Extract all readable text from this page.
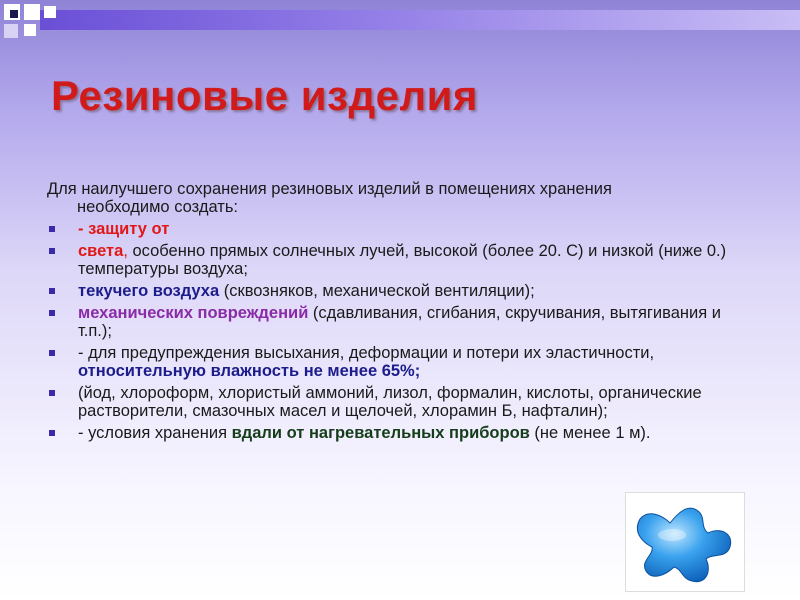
Резиновые изделия
Для наилучшего сохранения резиновых изделий в помещениях хранения
необходимо создать:
- защиту от
света, особенно прямых солнечных лучей, высокой (более 20. С) и низкой (ниже 0.) температуры воздуха;
текучего воздуха (сквозняков, механической вентиляции);
механических повреждений (сдавливания, сгибания, скручивания, вытягивания и т.п.);
- для предупреждения высыхания, деформации и потери их эластичности, относительную влажность не менее 65%;
(йод, хлороформ, хлористый аммоний, лизол, формалин, кислоты, органические растворители, смазочных масел и щелочей, хлорамин Б, нафталин);
- условия хранения вдали от нагревательных приборов (не менее 1 м).
